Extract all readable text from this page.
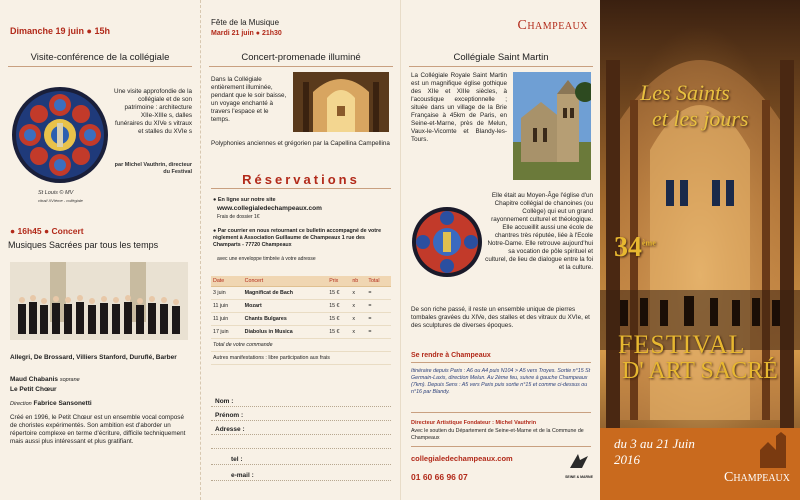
Dimanche 19 juin ● 15h
Visite-conférence de la collégiale
Une visite approfondie de la collégiale et de son patrimoine : architecture XIIe-XIIIe s, dalles funéraires du XIVe s vitraux et stalles du XVIe s
par Michel Vauthrin, directeur du Festival
St Louis © MV
vitrail XVIème - collégiale
● 16h45 ● Concert
Musiques Sacrées par tous les temps
Allegri, De Brossard, Villiers Stanford, Duruflé, Barber
Maud Chabanis soprane
Le Petit Chœur
Direction Fabrice Sansonetti
Créé en 1996, le Petit Chœur est un ensemble vocal composé de choristes expérimentés. Son ambition est d'aborder un répertoire complexe en terme d'écriture, difficile techniquement mais aussi plus intéressant et plus gratifiant.
Fête de la Musique
Mardi 21 juin ● 21h30
Concert-promenade illuminé
Dans la Collégiale entièrement illuminée, pendant que le soir baisse, un voyage enchanté à travers l'espace et le temps.
Polyphonies anciennes et grégorien par la Capellina Campellina
Réservations
● En ligne sur notre site
www.collegialedechampeaux.com
Frais de dossier 1€
● Par courrier en nous retournant ce bulletin accompagné de votre règlement à Association Guillaume de Champeaux 1 rue des Champarts - 77720 Champeaux
avec une enveloppe timbrée à votre adresse
Date	Concert	Prix	nb	Total
3 juin	Magnificat de Bach	15 €	x	=
11 juin	Mozart	15 €	x	=
11 juin	Chants Bulgares	15 €	x	=
17 juin	Diabolus in Musica	15 €	x	=
Total de votre commande				
Autres manifestations : libre participation aux frais				
Nom :
Prénom :
Adresse :
tel :
e-mail :
Champeaux
Collégiale Saint Martin
La Collégiale Royale Saint Martin est un magnifique église gothique des XIIe et XIIIe siècles, à l'acoustique exceptionnelle ; située dans un village de la Brie Française à 45km de Paris, en Seine-et-Marne, près de Melun, Vaux-le-Vicomte et Blandy-les-Tours.
Elle était au Moyen-Âge l'église d'un Chapitre collégial de chanoines (ou Collège) qui eut un grand rayonnement culturel et théologique. Elle accueillit aussi une école de chantres très réputée, liée à l'Ecole Notre-Dame. Elle retrouve aujourd'hui sa vocation de pôle spirituel et culturel, de lieu de dialogue entre la foi et la culture.
De son riche passé, il reste un ensemble unique de pierres tombales gravées du XIVe, des stalles et des vitraux du XVIe, et des sculptures de diverses époques.
Se rendre à Champeaux
Itinéraire depuis Paris : A6 ou A4 puis N104 > A5 vers Troyes. Sortie n°15 St Germain-Laxis, direction Melun. Au 2ème feu, suivre à gauche Champeaux (7km). Depuis Sens : A5 vers Paris puis sortie n°15 et comme ci-dessus ou n°16 par Blandy.
Directeur Artistique Fondateur : Michel Vauthrin
Avec le soutien du Département de Seine-et-Marne et de la Commune de Champeaux
collegialedechampeaux.com
01 60 66 96 07	SEINE & MARNE
Les Saints
et les jours
34ème
FESTIVAL
D' ART SACRÉ
du 3 au 21 Juin
2016
Champeaux
